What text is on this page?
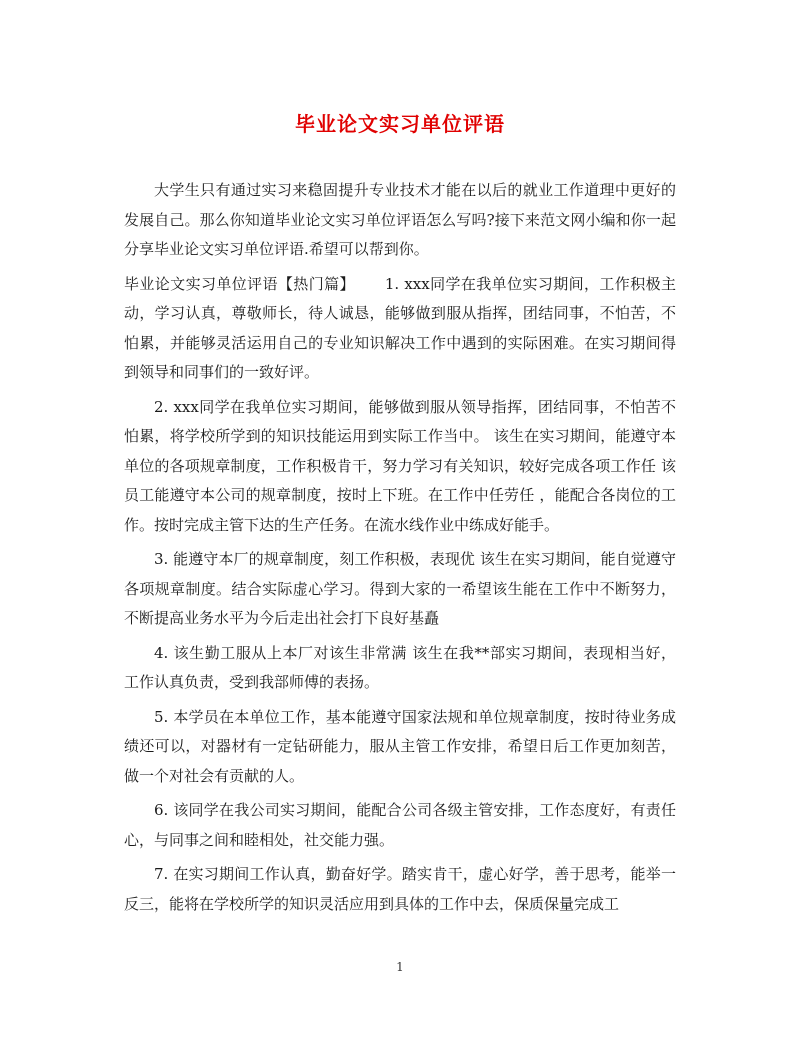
毕业论文实习单位评语

大学生只有通过实习来稳固提升专业技术才能在以后的就业工作道理中更好的发展自己。那么你知道毕业论文实习单位评语怎么写吗?接下来范文网小编和你一起分享毕业论文实习单位评语.希望可以帮到你。

毕业论文实习单位评语【热门篇】 1. xxx同学在我单位实习期间，工作积极主动，学习认真，尊敬师长，待人诚恳，能够做到服从指挥，团结同事，不怕苦，不怕累，并能够灵活运用自己的专业知识解决工作中遇到的实际困难。在实习期间得到领导和同事们的一致好评。

2. xxx同学在我单位实习期间，能够做到服从领导指挥，团结同事，不怕苦不怕累，将学校所学到的知识技能运用到实际工作当中。 该生在实习期间，能遵守本单位的各项规章制度，工作积极肯干，努力学习有关知识，较好完成各项工作任 该员工能遵守本公司的规章制度，按时上下班。在工作中任劳任 ，能配合各岗位的工作。按时完成主管下达的生产任务。在流水线作业中练成好能手。

3. 能遵守本厂的规章制度，刻工作积极，表现优 该生在实习期间，能自觉遵守各项规章制度。结合实际虚心学习。得到大家的一希望该生能在工作中不断努力，不断提高业务水平为今后走出社会打下良好基矗

4. 该生勤工服从上本厂对该生非常满 该生在我**部实习期间，表现相当好， 工作认真负责，受到我部师傅的表扬。

5. 本学员在本单位工作，基本能遵守国家法规和单位规章制度，按时待业务成绩还可以，对器材有一定钻研能力，服从主管工作安排，希望日后工作更加刻苦，做一个对社会有贡献的人。

6. 该同学在我公司实习期间，能配合公司各级主管安排，工作态度好，有责任心，与同事之间和睦相处，社交能力强。

7. 在实习期间工作认真，勤奋好学。踏实肯干，虚心好学，善于思考，能举一反三，能将在学校所学的知识灵活应用到具体的工作中去，保质保量完成工

1
